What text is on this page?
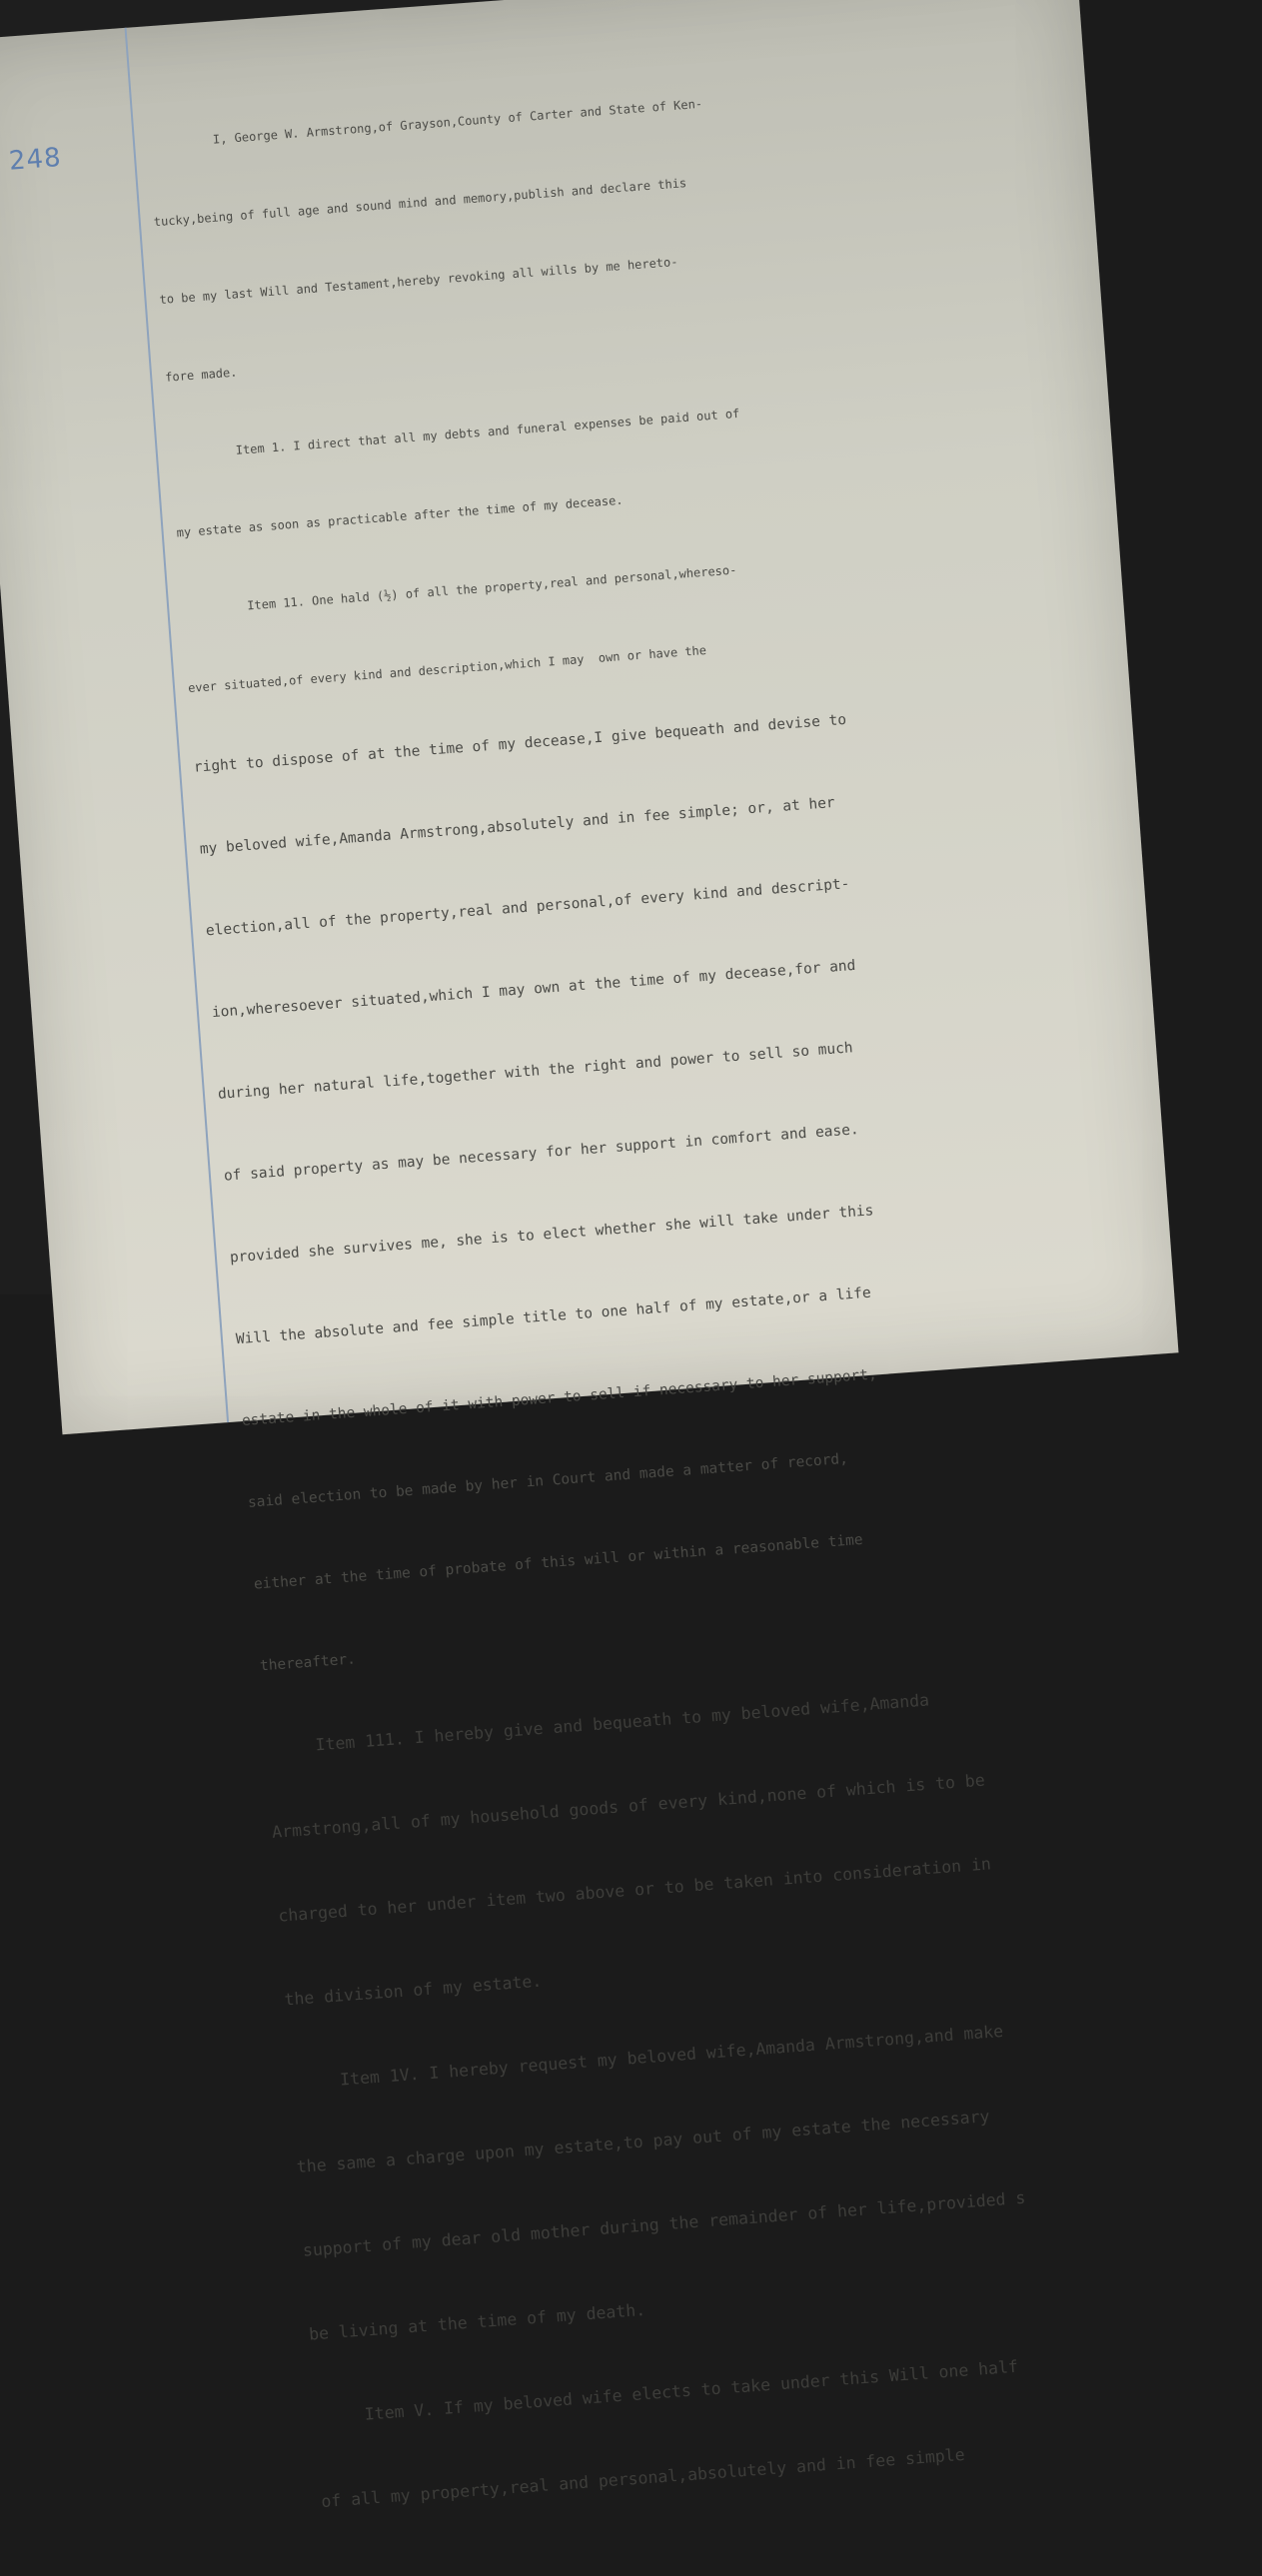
248

I, George W. Armstrong,of Grayson,County of Carter and State of Ken-

tucky,being of full age and sound mind and memory,publish and declare this

to be my last Will and Testament,hereby revoking all wills by me hereto-

fore made.

Item 1. I direct that all my debts and funeral expenses be paid out of

my estate as soon as practicable after the time of my decease.

Item 11. One hald (½) of all the property,real and personal,whereso-

ever situated,of every kind and description,which I may  own or have the

right to dispose of at the time of my decease,I give bequeath and devise to

my beloved wife,Amanda Armstrong,absolutely and in fee simple; or, at her

election,all of the property,real and personal,of every kind and descript-

ion,wheresoever situated,which I may own at the time of my decease,for and

during her natural life,together with the right and power to sell so much

of said property as may be necessary for her support in comfort and ease.

provided she survives me, she is to elect whether she will take under this

Will the absolute and fee simple title to one half of my estate,or a life

estate in the whole of it with power to sell if necessary to her support,

said election to be made by her in Court and made a matter of record,

either at the time of probate of this will or within a reasonable time

thereafter.

Item 111. I hereby give and bequeath to my beloved wife,Amanda

Armstrong,all of my household goods of every kind,none of which is to be

charged to her under item two above or to be taken into consideration in

the division of my estate.

Item 1V. I hereby request my beloved wife,Amanda Armstrong,and make

the same a charge upon my estate,to pay out of my estate the necessary

support of my dear old mother during the remainder of her life,provided s

be living at the time of my death.

Item V. If my beloved wife elects to take under this Will one half

of all my property,real and personal,absolutely and in fee simple
